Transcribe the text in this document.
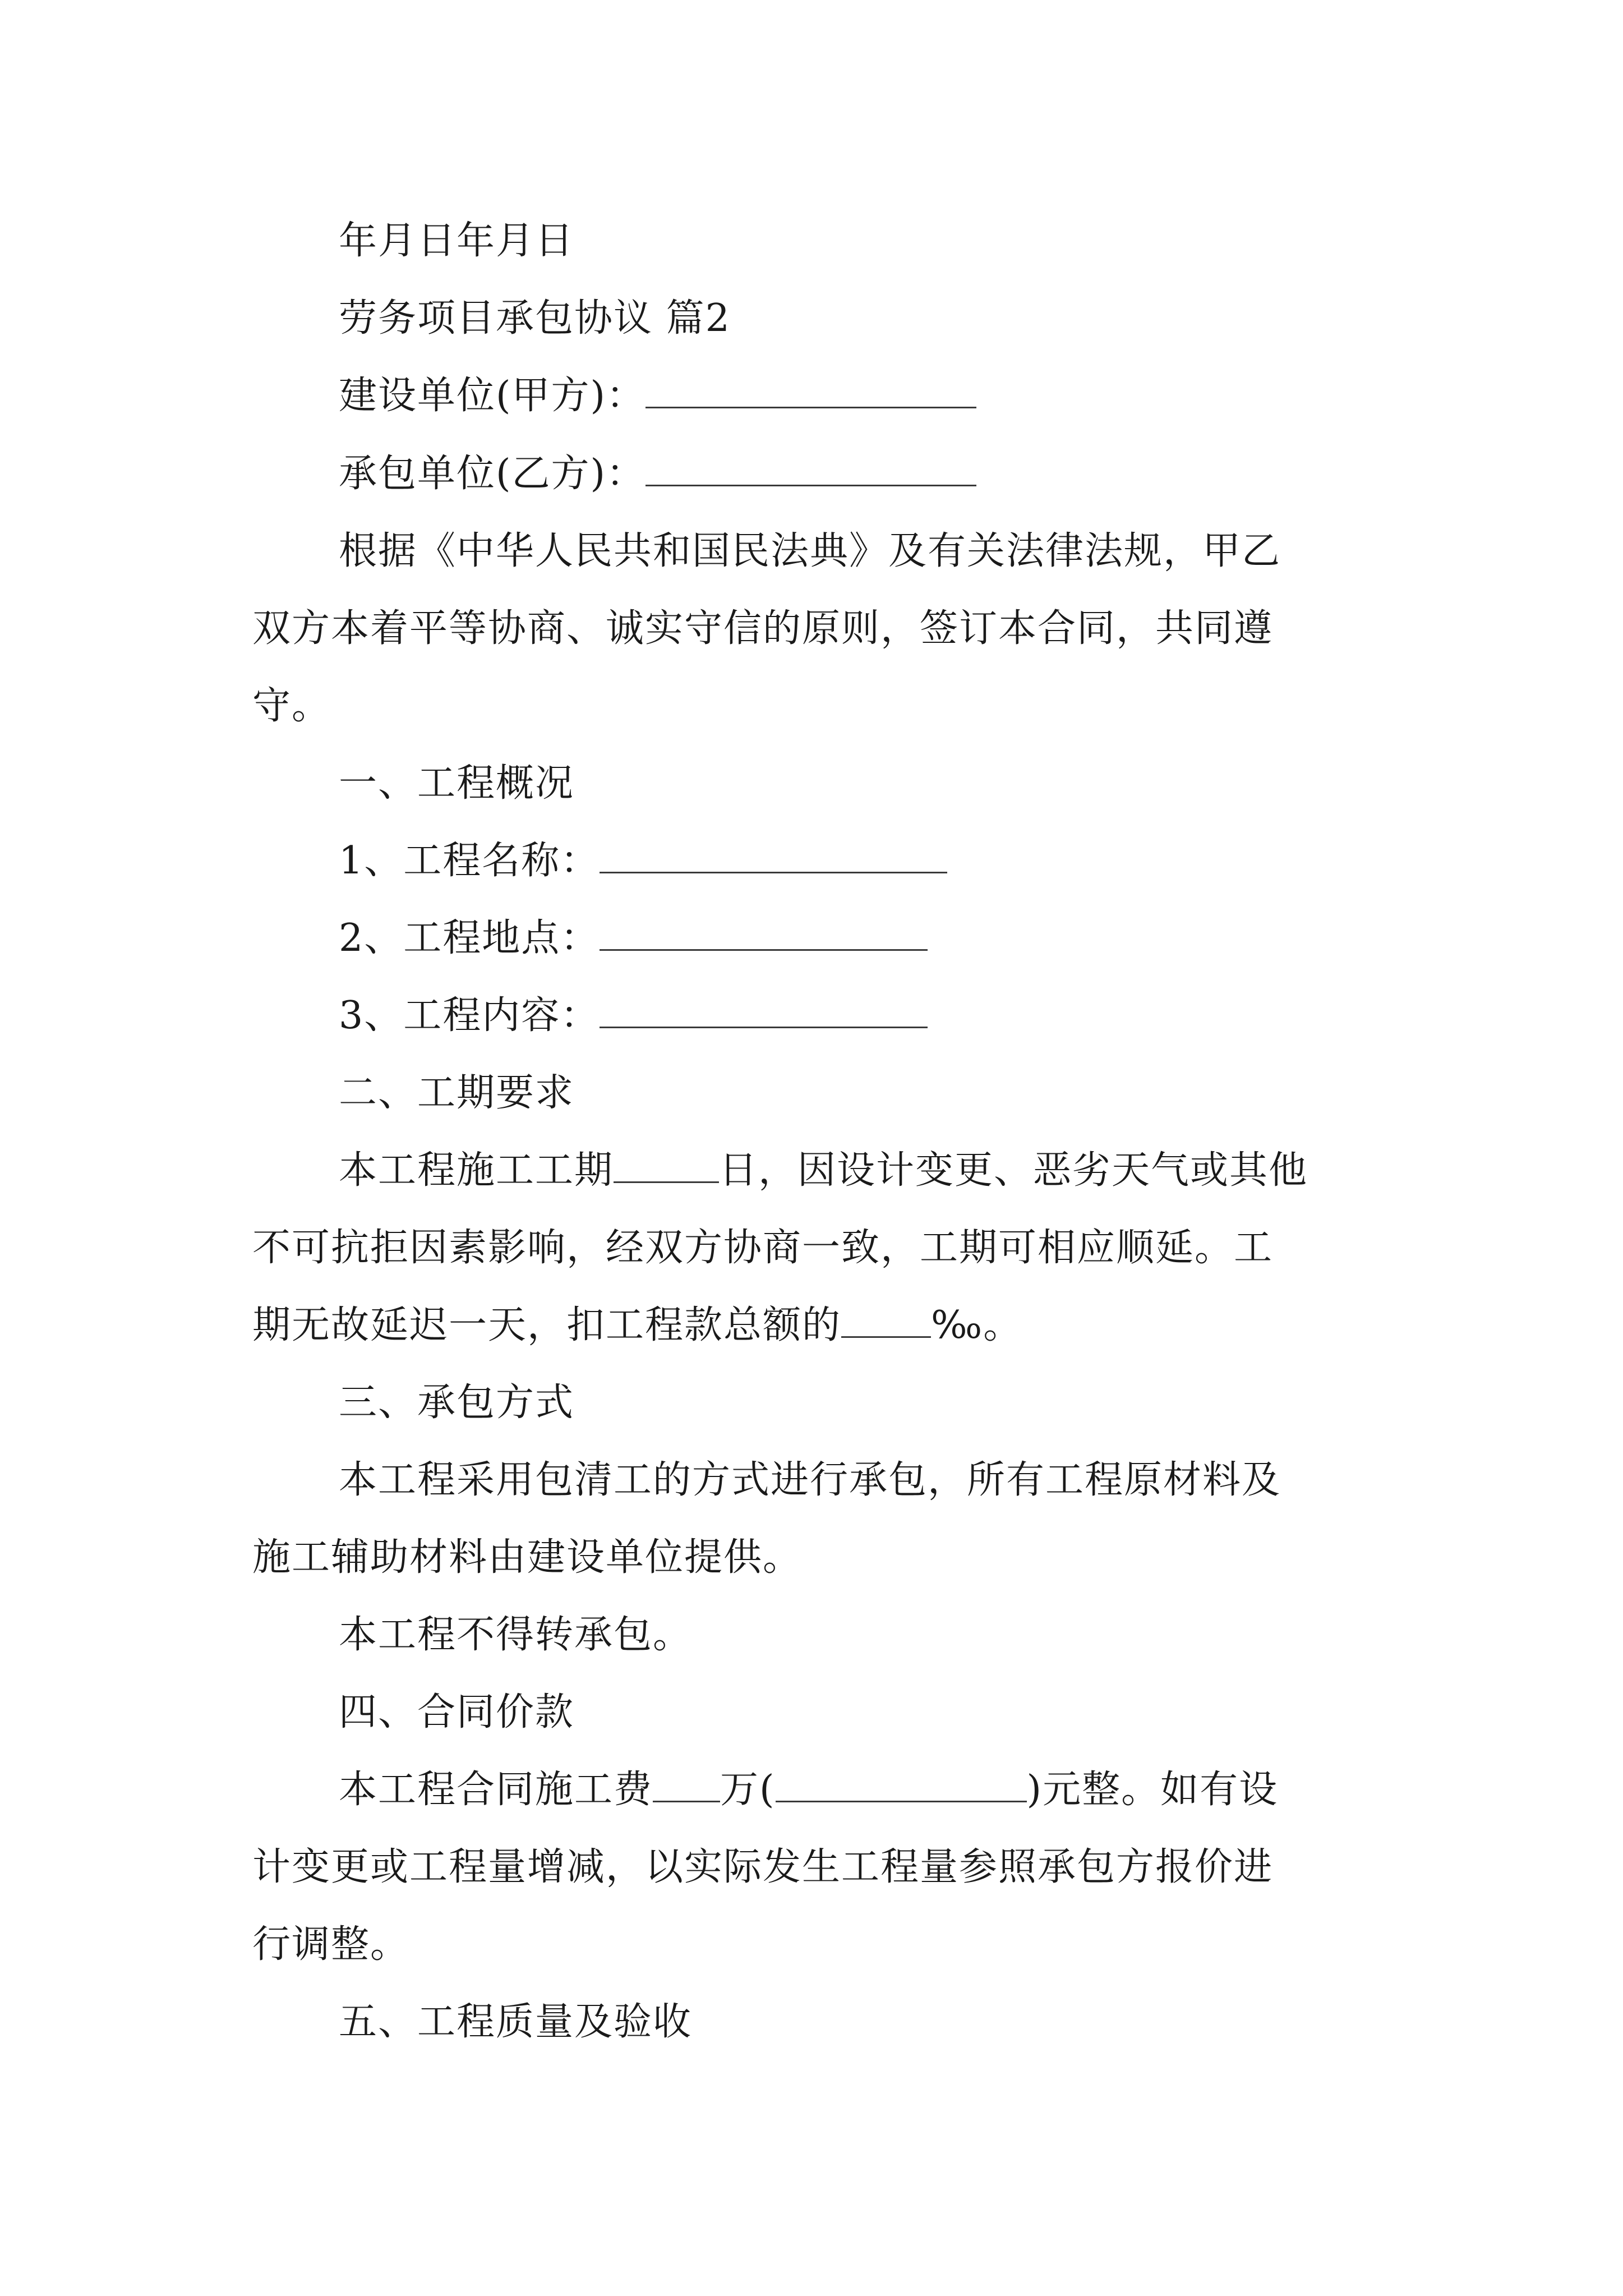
年月日年月日
劳务项目承包协议 篇2
建设单位(甲方)：
承包单位(乙方)：
根据《中华人民共和国民法典》及有关法律法规，甲乙
双方本着平等协商、诚实守信的原则，签订本合同，共同遵
守。
一、工程概况
1、工程名称：
2、工程地点：
3、工程内容：
二、工期要求
本工程施工工期	日，因设计变更、恶劣天气或其他
不可抗拒因素影响，经双方协商一致，工期可相应顺延。工
期无故延迟一天，扣工程款总额的 ‰。
三、承包方式
本工程采用包清工的方式进行承包，所有工程原材料及
施工辅助材料由建设单位提供。
本工程不得转承包。
四、合同价款
本工程合同施工费 万(	)元整。如有设
计变更或工程量增减，以实际发生工程量参照承包方报价进
行调整。
五、工程质量及验收
